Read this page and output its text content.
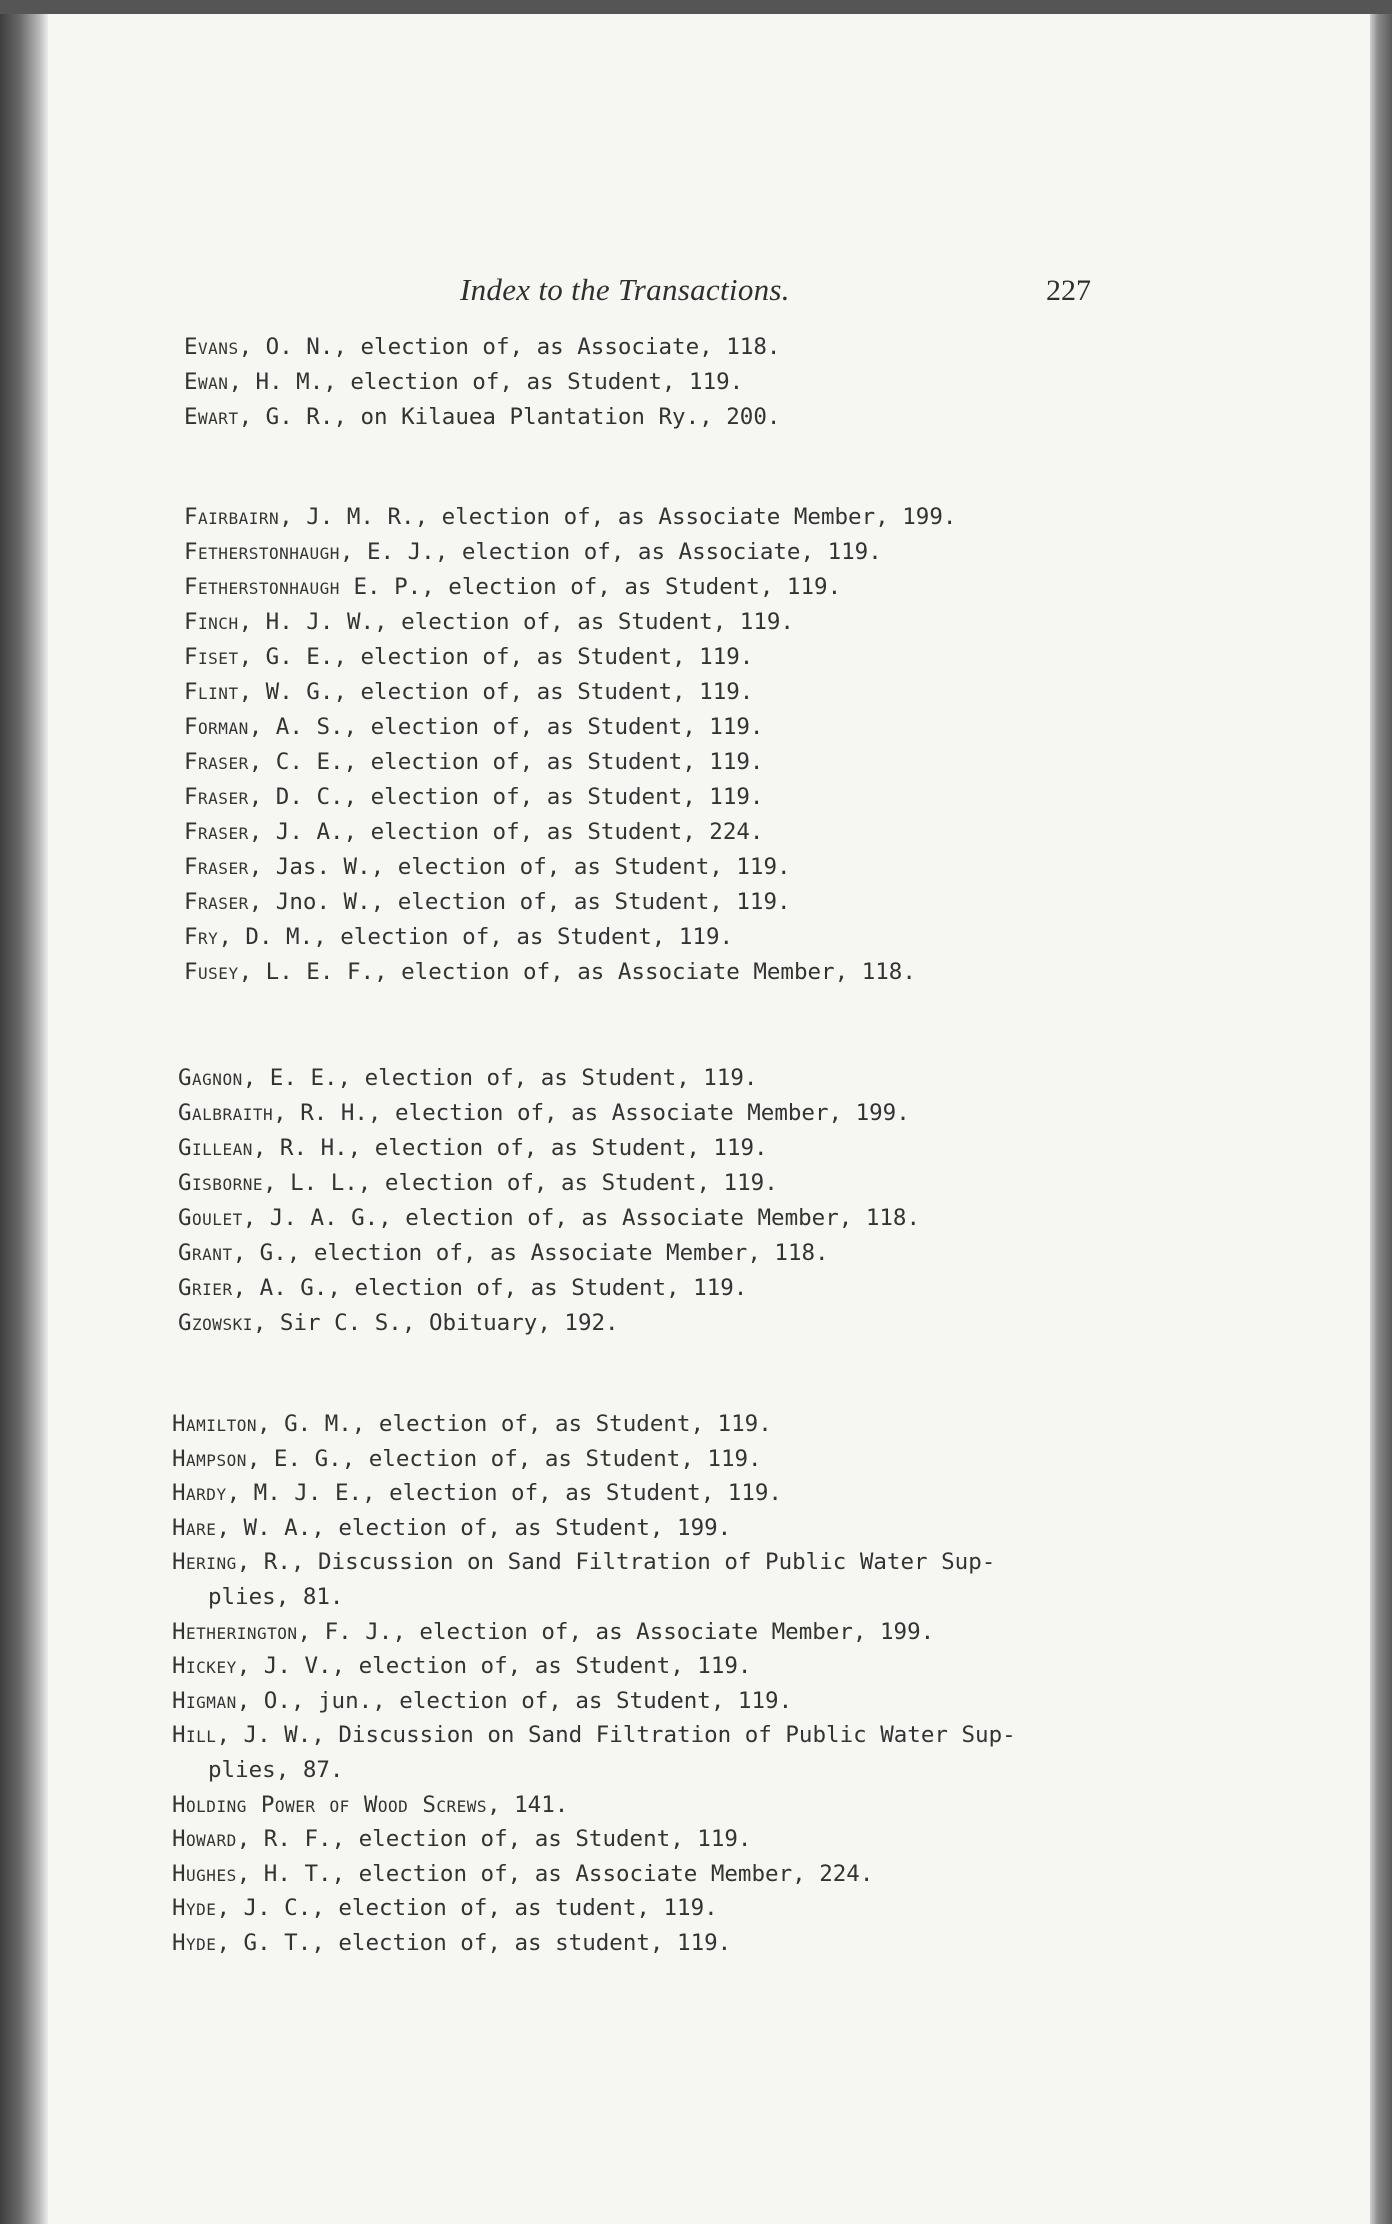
Index to the Transactions.	227

Evans, O. N., election of, as Associate, 118.

Ewan, H. M., election of, as Student, 119.

Ewart, G. R., on Kilauea Plantation Ry., 200.

Fairbairn, J. M. R., election of, as Associate Member, 199.

Fetherstonhaugh, E. J., election of, as Associate, 119.

Fetherstonhaugh E. P., election of, as Student, 119.

Finch, H. J. W., election of, as Student, 119.

Fiset, G. E., election of, as Student, 119.

Flint, W. G., election of, as Student, 119.

Forman, A. S., election of, as Student, 119.

Fraser, C. E., election of, as Student, 119.

Fraser, D. C., election of, as Student, 119.

Fraser, J. A., election of, as Student, 224.

Fraser, Jas. W., election of, as Student, 119.

Fraser, Jno. W., election of, as Student, 119.

Fry, D. M., election of, as Student, 119.

Fusey, L. E. F., election of, as Associate Member, 118.

Gagnon, E. E., election of, as Student, 119.

Galbraith, R. H., election of, as Associate Member, 199.

Gillean, R. H., election of, as Student, 119.

Gisborne, L. L., election of, as Student, 119.

Goulet, J. A. G., election of, as Associate Member, 118.

Grant, G., election of, as Associate Member, 118.

Grier, A. G., election of, as Student, 119.

Gzowski, Sir C. S., Obituary, 192.

Hamilton, G. M., election of, as Student, 119.

Hampson, E. G., election of, as Student, 119.

Hardy, M. J. E., election of, as Student, 119.

Hare, W. A., election of, as Student, 199.

Hering, R., Discussion on Sand Filtration of Public Water Sup-
plies, 81.

Hetherington, F. J., election of, as Associate Member, 199.

Hickey, J. V., election of, as Student, 119.

Higman, O., jun., election of, as Student, 119.

Hill, J. W., Discussion on Sand Filtration of Public Water Sup-
plies, 87.

Holding Power of Wood Screws, 141.

Howard, R. F., election of, as Student, 119.

Hughes, H. T., election of, as Associate Member, 224.

Hyde, J. C., election of, as tudent, 119.

Hyde, G. T., election of, as student, 119.
